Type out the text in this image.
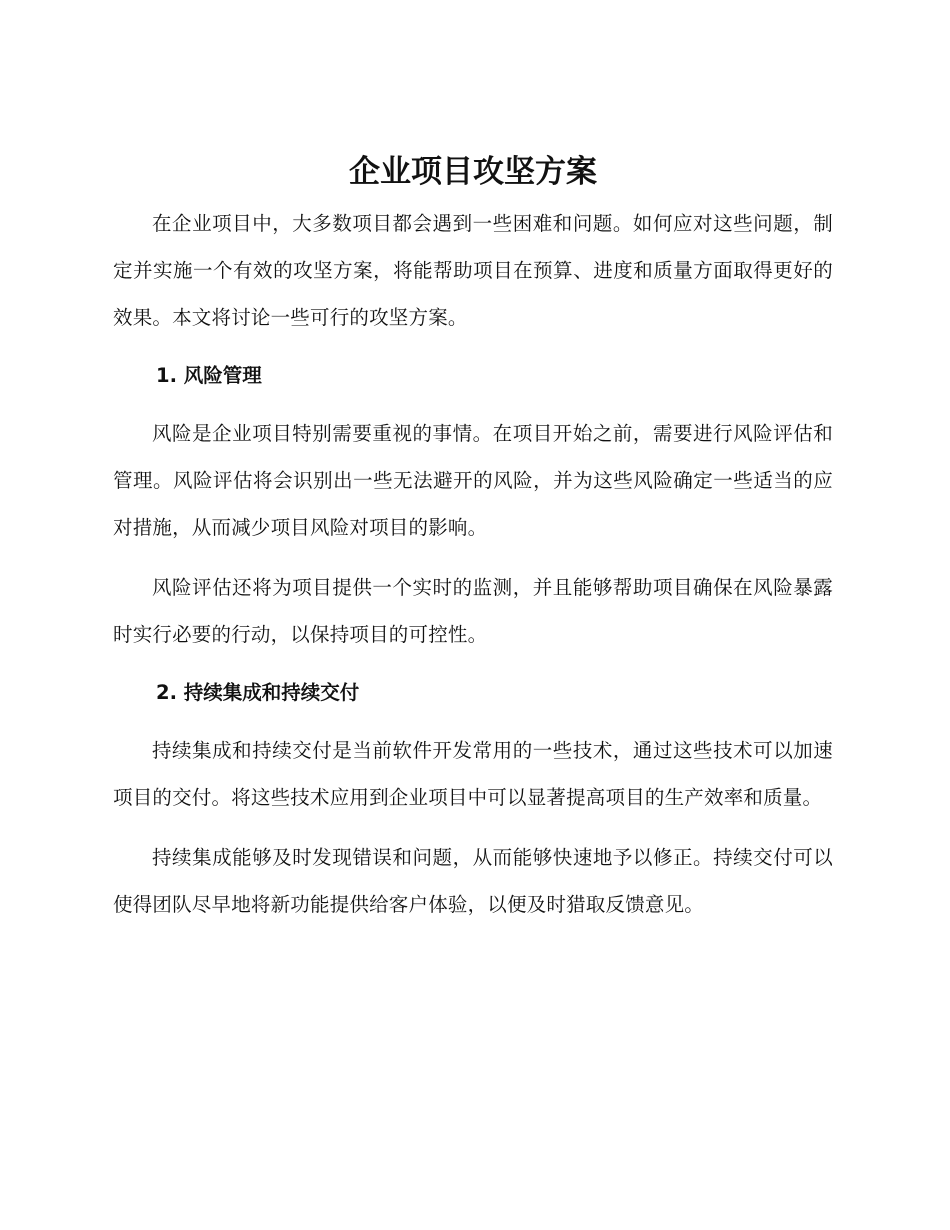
企业项目攻坚方案

在企业项目中，大多数项目都会遇到一些困难和问题。如何应对这些问题，制定并实施一个有效的攻坚方案，将能帮助项目在预算、进度和质量方面取得更好的效果。本文将讨论一些可行的攻坚方案。

1. 风险管理

风险是企业项目特别需要重视的事情。在项目开始之前，需要进行风险评估和管理。风险评估将会识别出一些无法避开的风险，并为这些风险确定一些适当的应对措施，从而减少项目风险对项目的影响。

风险评估还将为项目提供一个实时的监测，并且能够帮助项目确保在风险暴露时实行必要的行动，以保持项目的可控性。

2. 持续集成和持续交付

持续集成和持续交付是当前软件开发常用的一些技术，通过这些技术可以加速项目的交付。将这些技术应用到企业项目中可以显著提高项目的生产效率和质量。

持续集成能够及时发现错误和问题，从而能够快速地予以修正。持续交付可以使得团队尽早地将新功能提供给客户体验，以便及时猎取反馈意见。
